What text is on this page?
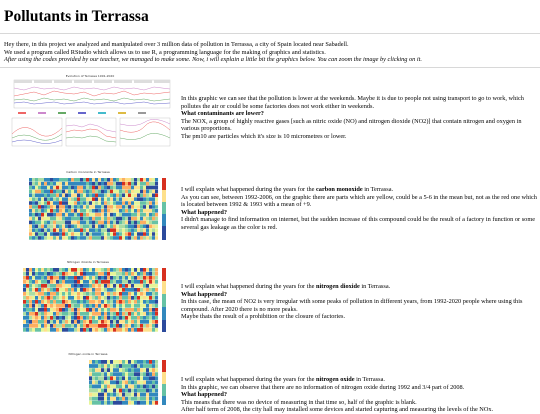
Pollutants in Terrassa

Hey there, in this project we analyzed and manipulated over 3 million data of pollution in Terrassa, a city of Spain located near Sabadell.

We used a program called RStudio which allows us to use R, a programming language for the making of graphics and statistics.

After using the codes provided by our teacher, we managed to make some. Now, i will explain a little bit the graphics below. You can zoom the image by clicking on it.

Evolution of Terrassa 1991-2020

In this graphic we can see that the pollution is lower at the weekends. Maybe it is due to people not using transport to go to work, which pollutes the air or could be some factories does not work either in weekends.

What contaminants are lower?

The NOX, a group of highly reactive gases [such as nitric oxide (NO) and nitrogen dioxide (NO2)] that contain nitrogen and oxygen in various proportions.

The pm10 are particles which it's size is 10 micrometres or lower.

Carbon monoxide in Terrassa

I will explain what happened during the years for the carbon monoxide in Terrassa.

As you can see, between 1992-2006, on the graphic there are parts which are yellow, could be a 5-6 in the mean but, not as the red one which is located between 1992 & 1993 with a mean of +9.

What happened?

I didn't manage to find information on internet, but the sudden increase of this compound could be the result of a factory in function or some several gas leakage as the color is red.

Nitrogen dioxide in Terrassa

I will explain what happened during the years for the nitrogen dioxide in Terrassa.

What happened?

In this case, the mean of NO2 is very irregular with some peaks of pollution in different years, from 1992-2020 people where using this compound. After 2020 there is no more peaks.

Maybe thats the result of a prohibition or the closure of factories.

Nitrogen oxide in Terrassa

I will explain what happened during the years for the nitrogen oxide in Terrassa.

In this graphic, we can observe that there are no information of nitrogen oxide during 1992 and 3/4 part of 2008.

What happened?

This means that there was no device of measuring in that time so, half of the graphic is blank.

After half term of 2008, the city hall may installed some devices and started capturing and measuring the levels of the NOx.
